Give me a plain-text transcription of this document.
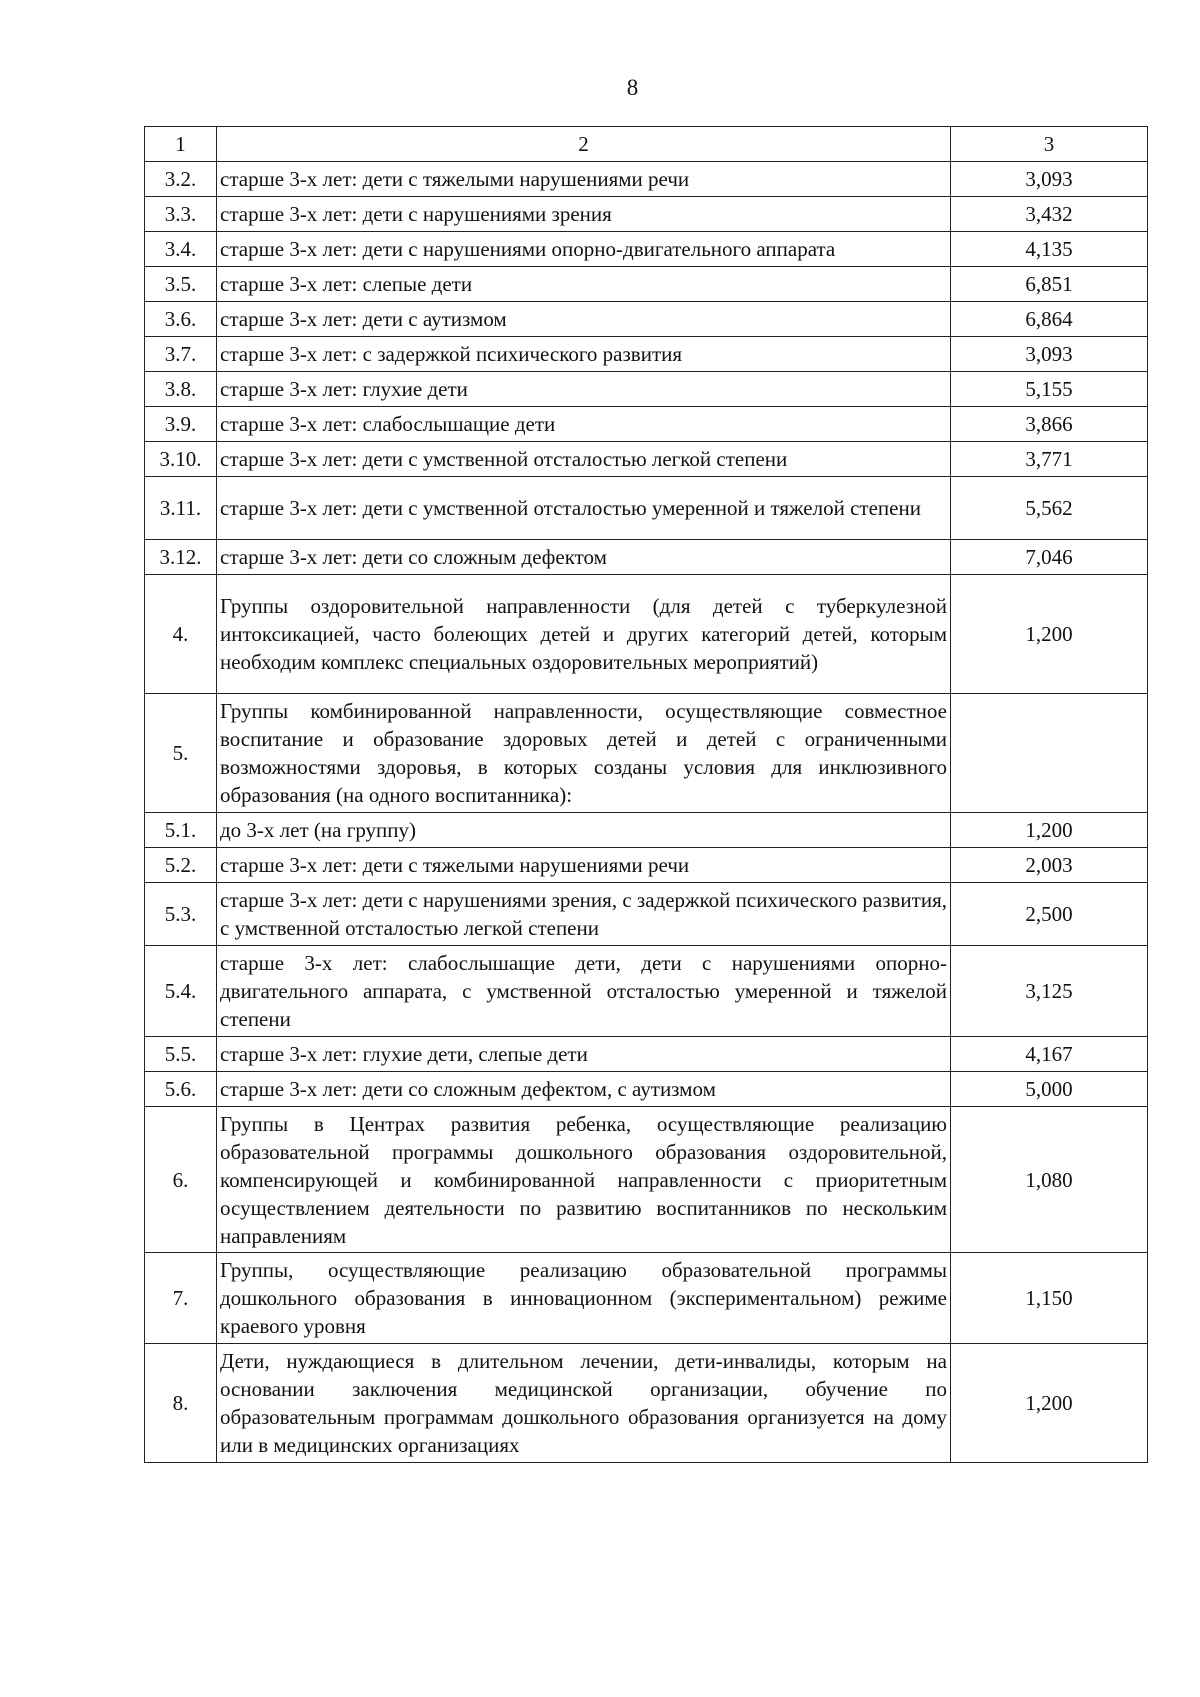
8
1	2	3
3.2.	старше 3-х лет: дети с тяжелыми нарушениями речи	3,093
3.3.	старше 3-х лет: дети с нарушениями зрения	3,432
3.4.	старше 3-х лет: дети с нарушениями опорно-двигательного аппарата	4,135
3.5.	старше 3-х лет: слепые дети	6,851
3.6.	старше 3-х лет: дети с аутизмом	6,864
3.7.	старше 3-х лет: с задержкой психического развития	3,093
3.8.	старше 3-х лет: глухие дети	5,155
3.9.	старше 3-х лет: слабослышащие дети	3,866
3.10.	старше 3-х лет: дети с умственной отсталостью легкой степени	3,771
3.11.	старше 3-х лет: дети с умственной отсталостью умеренной и тяжелой степени	5,562
3.12.	старше 3-х лет: дети со сложным дефектом	7,046
4.	Группы оздоровительной направленности (для детей с туберкулезной интоксикацией, часто болеющих детей и других категорий детей, которым необходим комплекс специальных оздоровительных мероприятий)	1,200
5.	Группы комбинированной направленности, осуществляющие совместное воспитание и образование здоровых детей и детей с ограниченными возможностями здоровья, в которых созданы условия для инклюзивного образования (на одного воспитанника):	
5.1.	до 3-х лет (на группу)	1,200
5.2.	старше 3-х лет: дети с тяжелыми нарушениями речи	2,003
5.3.	старше 3-х лет: дети с нарушениями зрения, с задержкой психического развития, с умственной отсталостью легкой степени	2,500
5.4.	старше 3-х лет: слабослышащие дети, дети с нарушениями опорно-двигательного аппарата, с умственной отсталостью умеренной и тяжелой степени	3,125
5.5.	старше 3-х лет: глухие дети, слепые дети	4,167
5.6.	старше 3-х лет: дети со сложным дефектом, с аутизмом	5,000
6.	Группы в Центрах развития ребенка, осуществляющие реализацию образовательной программы дошкольного образования оздоровительной, компенсирующей и комбинированной направленности с приоритетным осуществлением деятельности по развитию воспитанников по нескольким направлениям	1,080
7.	Группы, осуществляющие реализацию образовательной программы дошкольного образования в инновационном (экспериментальном) режиме краевого уровня	1,150
8.	Дети, нуждающиеся в длительном лечении, дети-инвалиды, которым на основании заключения медицинской организации, обучение по образовательным программам дошкольного образования организуется на дому или в медицинских организациях	1,200
